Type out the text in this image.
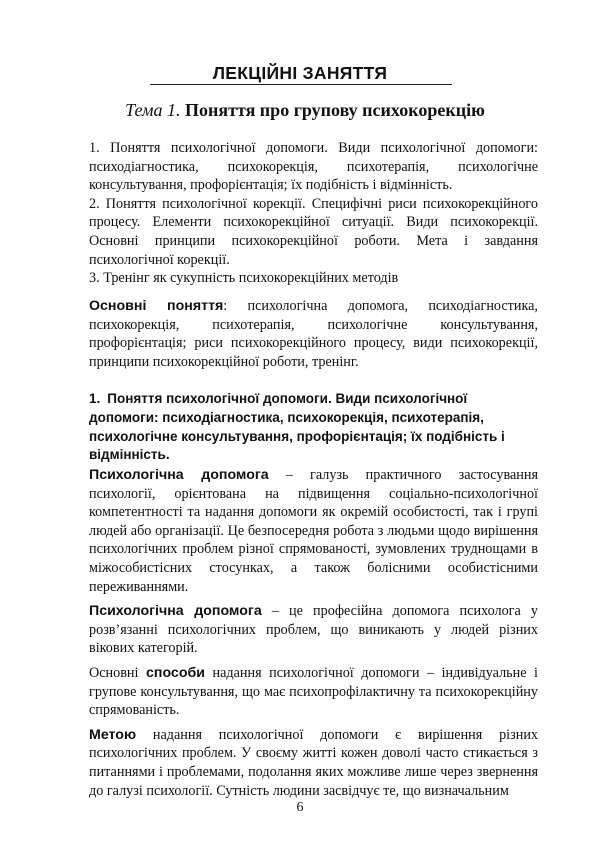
ЛЕКЦІЙНІ ЗАНЯТТЯ
Тема 1. Поняття про групову психокорекцію

1. Поняття психологічної допомоги. Види психологічної допомоги: психодіагностика, психокорекція, психотерапія, психологічне консультування, профорієнтація; їх подібність і відмінність.

2. Поняття психологічної корекції. Специфічні риси психокорекційного процесу. Елементи психокорекційної ситуації. Види психокорекції. Основні принципи психокорекційної роботи. Мета і завдання психологічної корекції.

3. Тренінг як сукупність психокорекційних методів

Основні поняття: психологічна допомога, психодіагностика, психокорекція, психотерапія, психологічне консультування, профорієнтація; риси психокорекційного процесу, види психокорекції, принципи психокорекційної роботи, тренінг.

1. Поняття психологічної допомоги. Види психологічної допомоги: психодіагностика, психокорекція, психотерапія, психологічне консультування, профорієнтація; їх подібність і відмінність.

Психологічна допомога – галузь практичного застосування психології, орієнтована на підвищення соціально-психологічної компетентності та надання допомоги як окремій особистості, так і групі людей або організації. Це безпосередня робота з людьми щодо вирішення психологічних проблем різної спрямованості, зумовлених труднощами в міжособистісних стосунках, а також болісними особистісними переживаннями.

Психологічна допомога – це професійна допомога психолога у розв’язанні психологічних проблем, що виникають у людей різних вікових категорій.

Основні способи надання психологічної допомоги – індивідуальне і групове консультування, що має психопрофілактичну та психокорекційну спрямованість.

Метою надання психологічної допомоги є вирішення різних психологічних проблем. У своєму житті кожен доволі часто стикається з питаннями і проблемами, подолання яких можливе лише через звернення до галузі психології. Сутність людини засвідчує те, що визначальним

6
